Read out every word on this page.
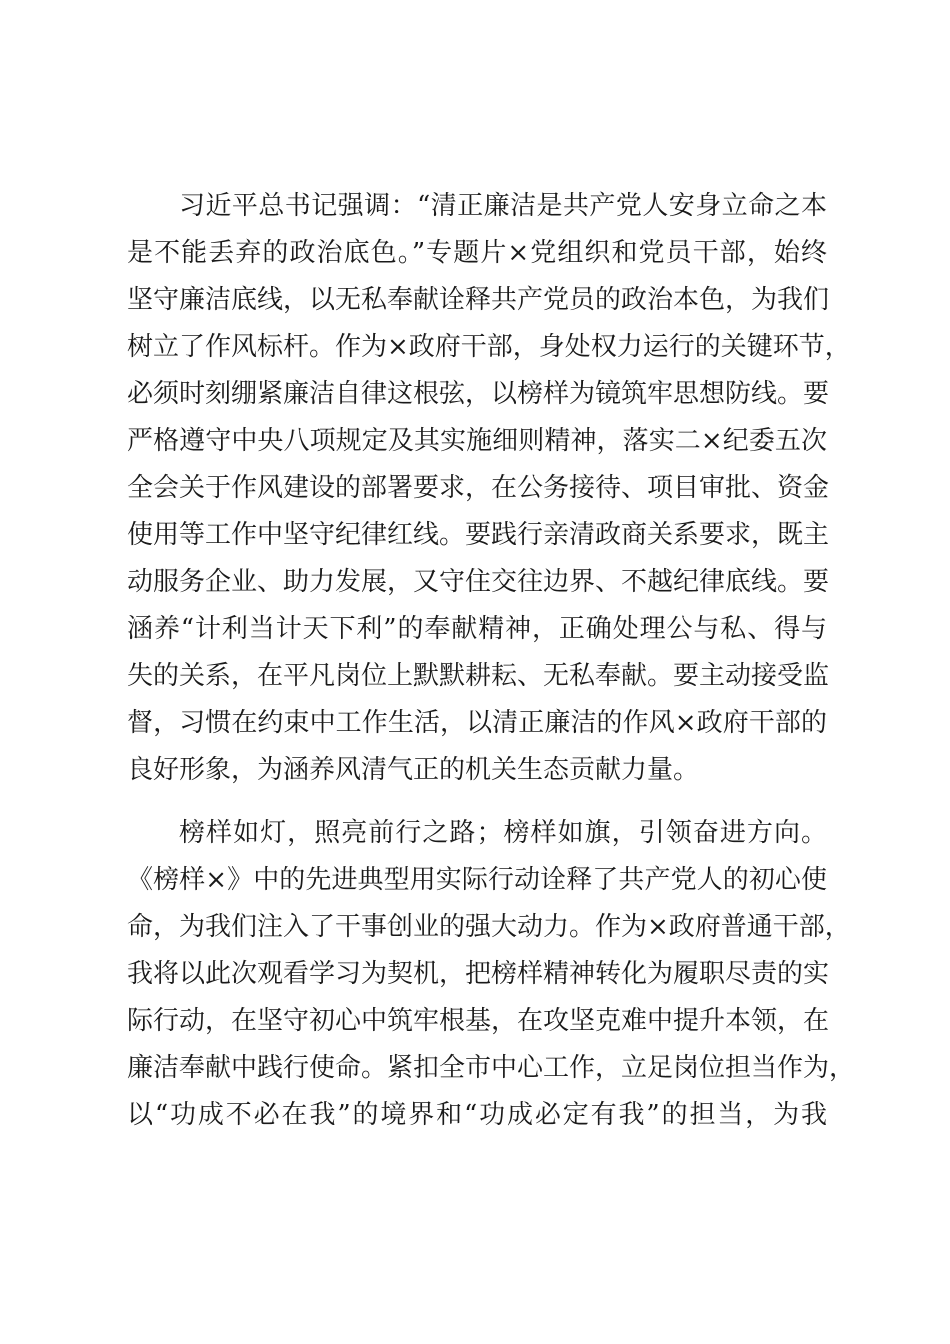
习近平总书记强调：“清正廉洁是共产党人安身立命之本
是不能丢弃的政治底色。”专题片×党组织和党员干部，始终
坚守廉洁底线，以无私奉献诠释共产党员的政治本色，为我们
树立了作风标杆。作为×政府干部，身处权力运行的关键环节，
必须时刻绷紧廉洁自律这根弦，以榜样为镜筑牢思想防线。要
严格遵守中央八项规定及其实施细则精神，落实二×纪委五次
全会关于作风建设的部署要求，在公务接待、项目审批、资金
使用等工作中坚守纪律红线。要践行亲清政商关系要求，既主
动服务企业、助力发展，又守住交往边界、不越纪律底线。要
涵养“计利当计天下利”的奉献精神，正确处理公与私、得与
失的关系，在平凡岗位上默默耕耘、无私奉献。要主动接受监
督，习惯在约束中工作生活，以清正廉洁的作风×政府干部的
良好形象，为涵养风清气正的机关生态贡献力量。
榜样如灯，照亮前行之路；榜样如旗，引领奋进方向。
《榜样×》中的先进典型用实际行动诠释了共产党人的初心使
命，为我们注入了干事创业的强大动力。作为×政府普通干部，
我将以此次观看学习为契机，把榜样精神转化为履职尽责的实
际行动，在坚守初心中筑牢根基，在攻坚克难中提升本领，在
廉洁奉献中践行使命。紧扣全市中心工作，立足岗位担当作为，
以“功成不必在我”的境界和“功成必定有我”的担当，为我
